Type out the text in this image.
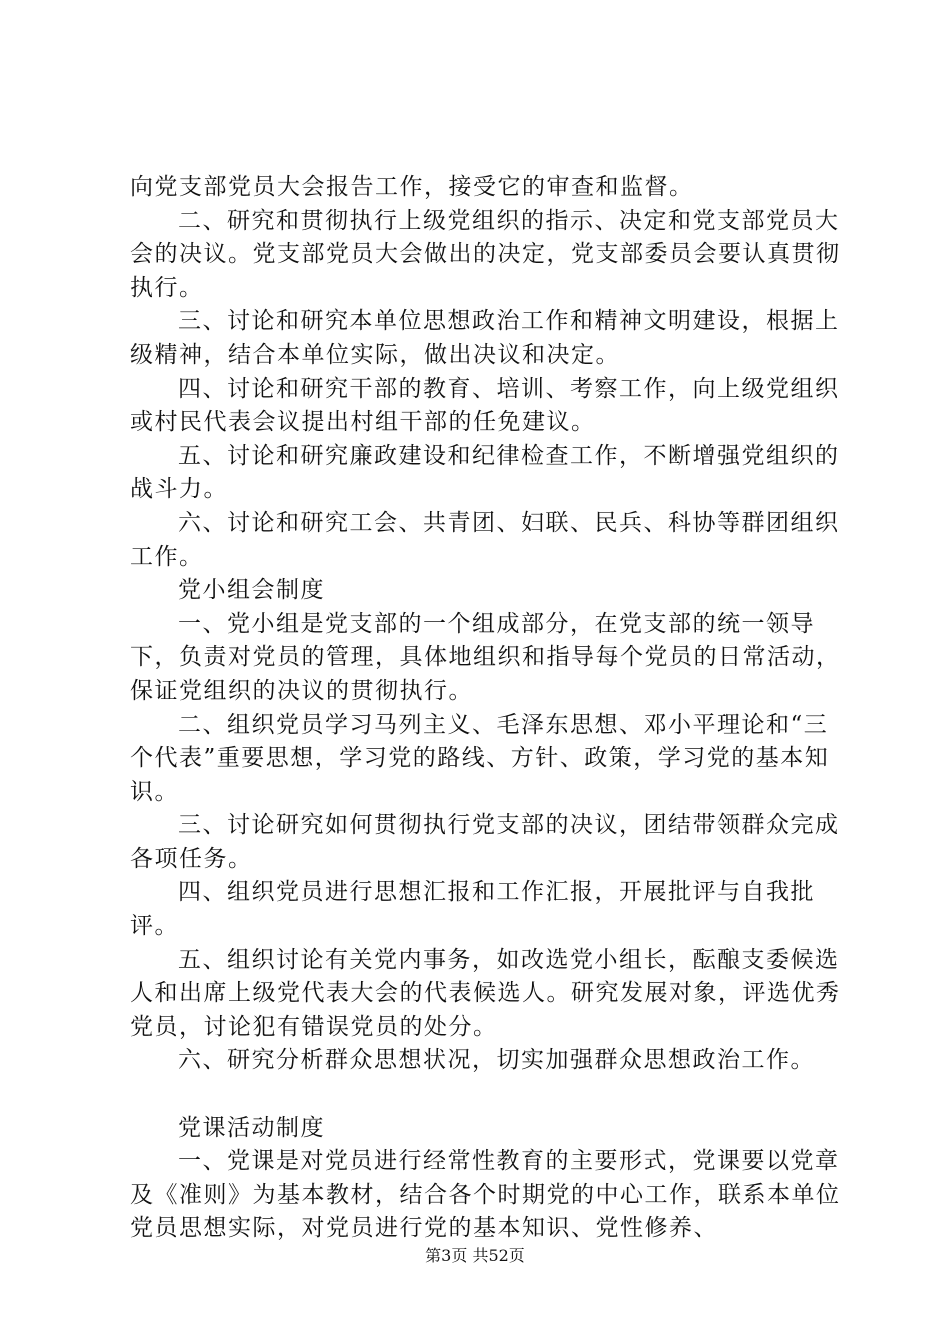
向党支部党员大会报告工作，接受它的审查和监督。

二、研究和贯彻执行上级党组织的指示、决定和党支部党员大会的决议。党支部党员大会做出的决定，党支部委员会要认真贯彻执行。

三、讨论和研究本单位思想政治工作和精神文明建设，根据上级精神，结合本单位实际，做出决议和决定。

四、讨论和研究干部的教育、培训、考察工作，向上级党组织或村民代表会议提出村组干部的任免建议。

五、讨论和研究廉政建设和纪律检查工作，不断增强党组织的战斗力。

六、讨论和研究工会、共青团、妇联、民兵、科协等群团组织工作。

党小组会制度

一、党小组是党支部的一个组成部分，在党支部的统一领导下，负责对党员的管理，具体地组织和指导每个党员的日常活动，保证党组织的决议的贯彻执行。

二、组织党员学习马列主义、毛泽东思想、邓小平理论和“三个代表”重要思想，学习党的路线、方针、政策，学习党的基本知识。

三、讨论研究如何贯彻执行党支部的决议，团结带领群众完成各项任务。

四、组织党员进行思想汇报和工作汇报，开展批评与自我批评。

五、组织讨论有关党内事务，如改选党小组长，酝酿支委候选人和出席上级党代表大会的代表候选人。研究发展对象，评选优秀党员，讨论犯有错误党员的处分。

六、研究分析群众思想状况，切实加强群众思想政治工作。

党课活动制度

一、党课是对党员进行经常性教育的主要形式，党课要以党章及《准则》为基本教材，结合各个时期党的中心工作，联系本单位党员思想实际，对党员进行党的基本知识、党性修养、

第3页 共52页
